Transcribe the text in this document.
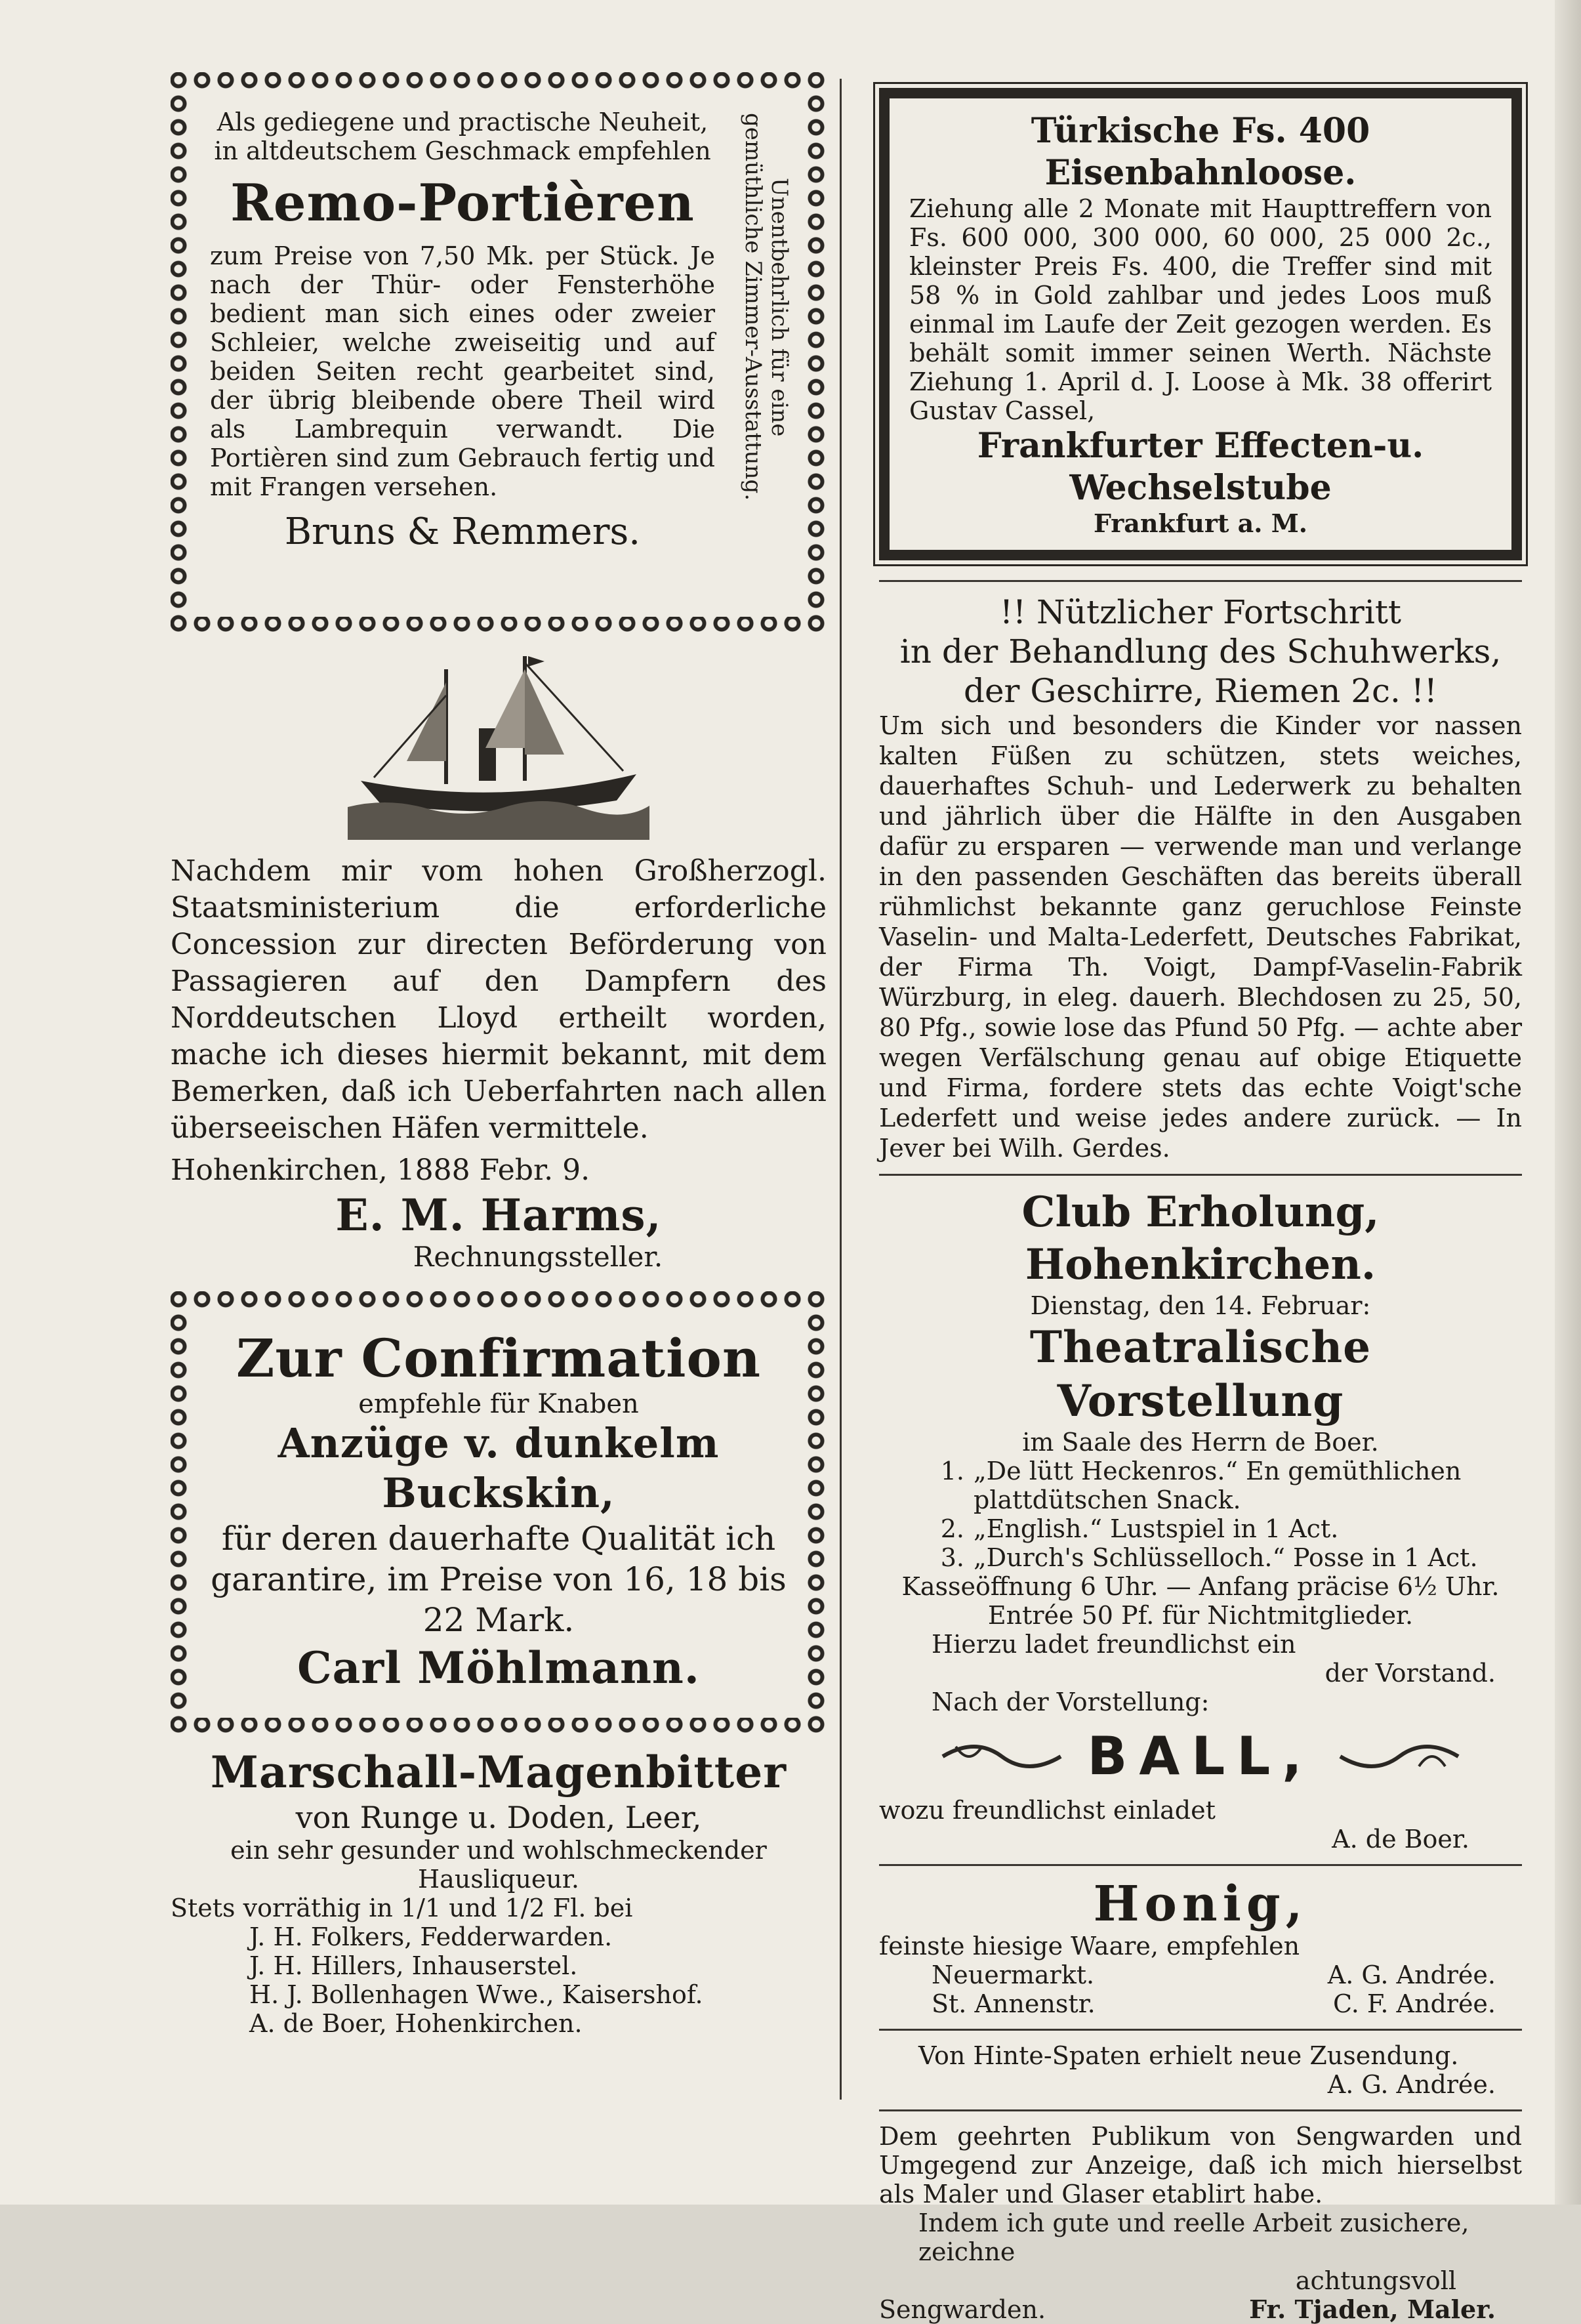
Als gediegene und practische Neuheit,
in altdeutschem Geschmack empfehlen
Remo-Portièren
zum Preise von 7,50 Mk. per Stück. Je nach der Thür- oder Fensterhöhe bedient man sich eines oder zweier Schleier, welche zweiseitig und auf beiden Seiten recht gearbeitet sind, der übrig bleibende obere Theil wird als Lambrequin verwandt. Die Portièren sind zum Gebrauch fertig und mit Frangen versehen.
Bruns & Remmers.
Unentbehrlich für eine gemüthliche Zimmer-Ausstattung.
Nachdem mir vom hohen Großherzogl. Staatsministerium die erforderliche Concession zur directen Beförderung von Passagieren auf den Dampfern des Norddeutschen Lloyd ertheilt worden, mache ich dieses hiermit bekannt, mit dem Bemerken, daß ich Ueberfahrten nach allen überseeischen Häfen vermittele.
Hohenkirchen, 1888 Febr. 9.
E. M. Harms,
Rechnungssteller.
Zur Confirmation
empfehle für Knaben
Anzüge v. dunkelm Buckskin,
für deren dauerhafte Qualität ich garantire, im Preise von 16, 18 bis 22 Mark.
Carl Möhlmann.
Marschall-Magenbitter
von Runge u. Doden, Leer,
ein sehr gesunder und wohlschmeckender Hausliqueur.
Stets vorräthig in 1/1 und 1/2 Fl. bei
J. H. Folkers, Fedderwarden.
J. H. Hillers, Inhauserstel.
H. J. Bollenhagen Wwe., Kaisershof.
A. de Boer, Hohenkirchen.
Türkische Fs. 400 Eisenbahnloose.
Ziehung alle 2 Monate mit Haupttreffern von Fs. 600 000, 300 000, 60 000, 25 000 2c., kleinster Preis Fs. 400, die Treffer sind mit 58 % in Gold zahlbar und jedes Loos muß einmal im Laufe der Zeit gezogen werden. Es behält somit immer seinen Werth. Nächste Ziehung 1. April d. J. Loose à Mk. 38 offerirt Gustav Cassel,
Frankfurter Effecten-u. Wechselstube
Frankfurt a. M.
!! Nützlicher Fortschritt
in der Behandlung des Schuhwerks,
der Geschirre, Riemen 2c. !!
Um sich und besonders die Kinder vor nassen kalten Füßen zu schützen, stets weiches, dauerhaftes Schuh- und Lederwerk zu behalten und jährlich über die Hälfte in den Ausgaben dafür zu ersparen — verwende man und verlange in den passenden Geschäften das bereits überall rühmlichst bekannte ganz geruchlose Feinste Vaselin- und Malta-Lederfett, Deutsches Fabrikat, der Firma Th. Voigt, Dampf-Vaselin-Fabrik Würzburg, in eleg. dauerh. Blechdosen zu 25, 50, 80 Pfg., sowie lose das Pfund 50 Pfg. — achte aber wegen Verfälschung genau auf obige Etiquette und Firma, fordere stets das echte Voigt'sche Lederfett und weise jedes andere zurück. — In Jever bei Wilh. Gerdes.
Club Erholung, Hohenkirchen.
Dienstag, den 14. Februar:
Theatralische Vorstellung
im Saale des Herrn de Boer.
1. „De lütt Heckenros.“ En gemüthlichen plattdütschen Snack.
2. „English.“ Lustspiel in 1 Act.
3. „Durch's Schlüsselloch.“ Posse in 1 Act.
Kasseöffnung 6 Uhr. — Anfang präcise 6½ Uhr.
Entrée 50 Pf. für Nichtmitglieder.
Hierzu ladet freundlichst ein
der Vorstand.
Nach der Vorstellung:
BALL,
wozu freundlichst einladet
A. de Boer.
Honig,
feinste hiesige Waare, empfehlen
Neuermarkt.	A. G. Andrée.
St. Annenstr.	C. F. Andrée.
Von Hinte-Spaten erhielt neue Zusendung.
A. G. Andrée.
Dem geehrten Publikum von Sengwarden und Umgegend zur Anzeige, daß ich mich hierselbst als Maler und Glaser etablirt habe.
Indem ich gute und reelle Arbeit zusichere, zeichne
achtungsvoll
Sengwarden.	Fr. Tjaden, Maler.
